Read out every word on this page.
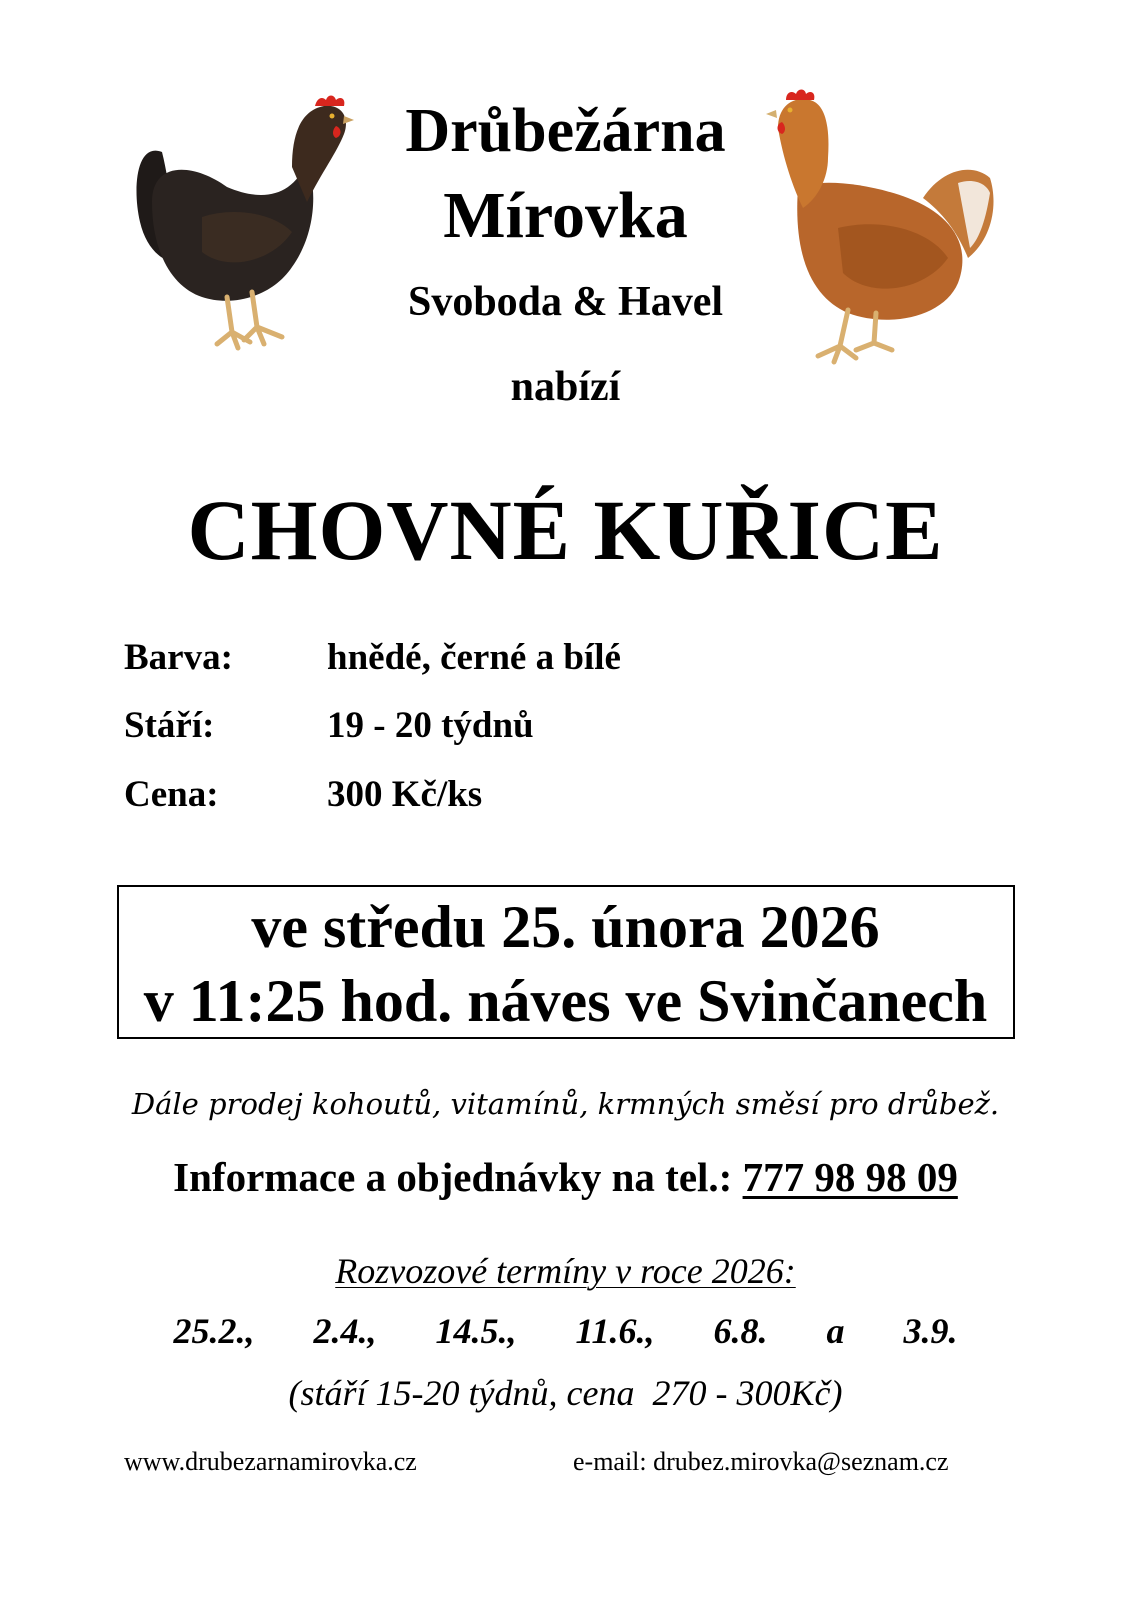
Drůbežárna
Mírovka
Svoboda & Havel
nabízí
CHOVNÉ KUŘICE
Barva:	hnědé, černé a bílé
Stáří:	19 - 20 týdnů
Cena:	300 Kč/ks
ve středu 25. února 2026
v 11:25 hod. náves ve Svinčanech
Dále prodej kohoutů, vitamínů, krmných směsí pro drůbež.
Informace a objednávky na tel.: 777 98 98 09
Rozvozové termíny v roce 2026:
25.2., 2.4., 14.5., 11.6., 6.8. a 3.9.
(stáří 15-20 týdnů, cena  270 - 300Kč)
www.drubezarnamirovka.cz	e-mail: drubez.mirovka@seznam.cz
